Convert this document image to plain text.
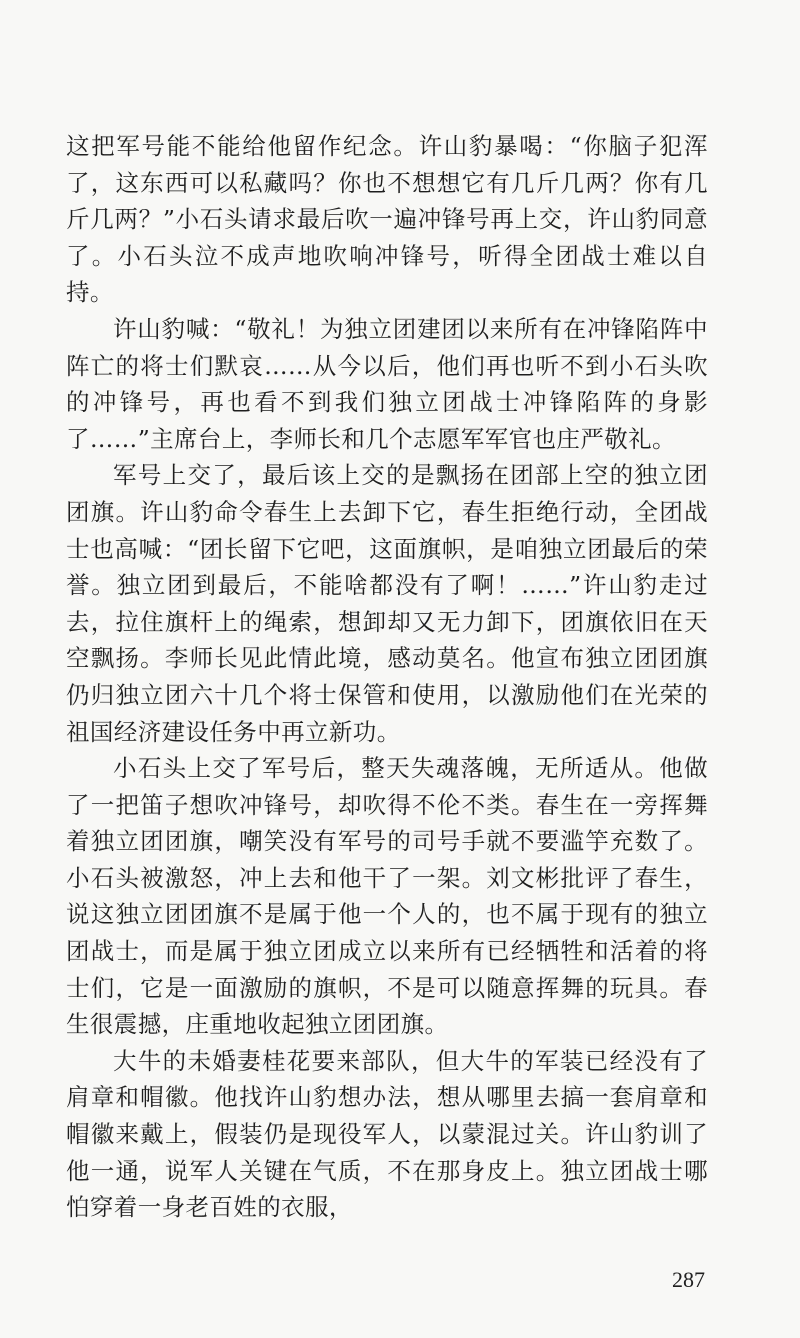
这把军号能不能给他留作纪念。许山豹暴喝：“你脑子犯浑了，这东西可以私藏吗？你也不想想它有几斤几两？你有几斤几两？”小石头请求最后吹一遍冲锋号再上交，许山豹同意了。小石头泣不成声地吹响冲锋号，听得全团战士难以自持。

许山豹喊：“敬礼！为独立团建团以来所有在冲锋陷阵中阵亡的将士们默哀……从今以后，他们再也听不到小石头吹的冲锋号，再也看不到我们独立团战士冲锋陷阵的身影了……”主席台上，李师长和几个志愿军军官也庄严敬礼。

军号上交了，最后该上交的是飘扬在团部上空的独立团团旗。许山豹命令春生上去卸下它，春生拒绝行动，全团战士也高喊：“团长留下它吧，这面旗帜，是咱独立团最后的荣誉。独立团到最后，不能啥都没有了啊！……”许山豹走过去，拉住旗杆上的绳索，想卸却又无力卸下，团旗依旧在天空飘扬。李师长见此情此境，感动莫名。他宣布独立团团旗仍归独立团六十几个将士保管和使用，以激励他们在光荣的祖国经济建设任务中再立新功。

小石头上交了军号后，整天失魂落魄，无所适从。他做了一把笛子想吹冲锋号，却吹得不伦不类。春生在一旁挥舞着独立团团旗，嘲笑没有军号的司号手就不要滥竽充数了。小石头被激怒，冲上去和他干了一架。刘文彬批评了春生，说这独立团团旗不是属于他一个人的，也不属于现有的独立团战士，而是属于独立团成立以来所有已经牺牲和活着的将士们，它是一面激励的旗帜，不是可以随意挥舞的玩具。春生很震撼，庄重地收起独立团团旗。

大牛的未婚妻桂花要来部队，但大牛的军装已经没有了肩章和帽徽。他找许山豹想办法，想从哪里去搞一套肩章和帽徽来戴上，假装仍是现役军人，以蒙混过关。许山豹训了他一通，说军人关键在气质，不在那身皮上。独立团战士哪怕穿着一身老百姓的衣服，

287
